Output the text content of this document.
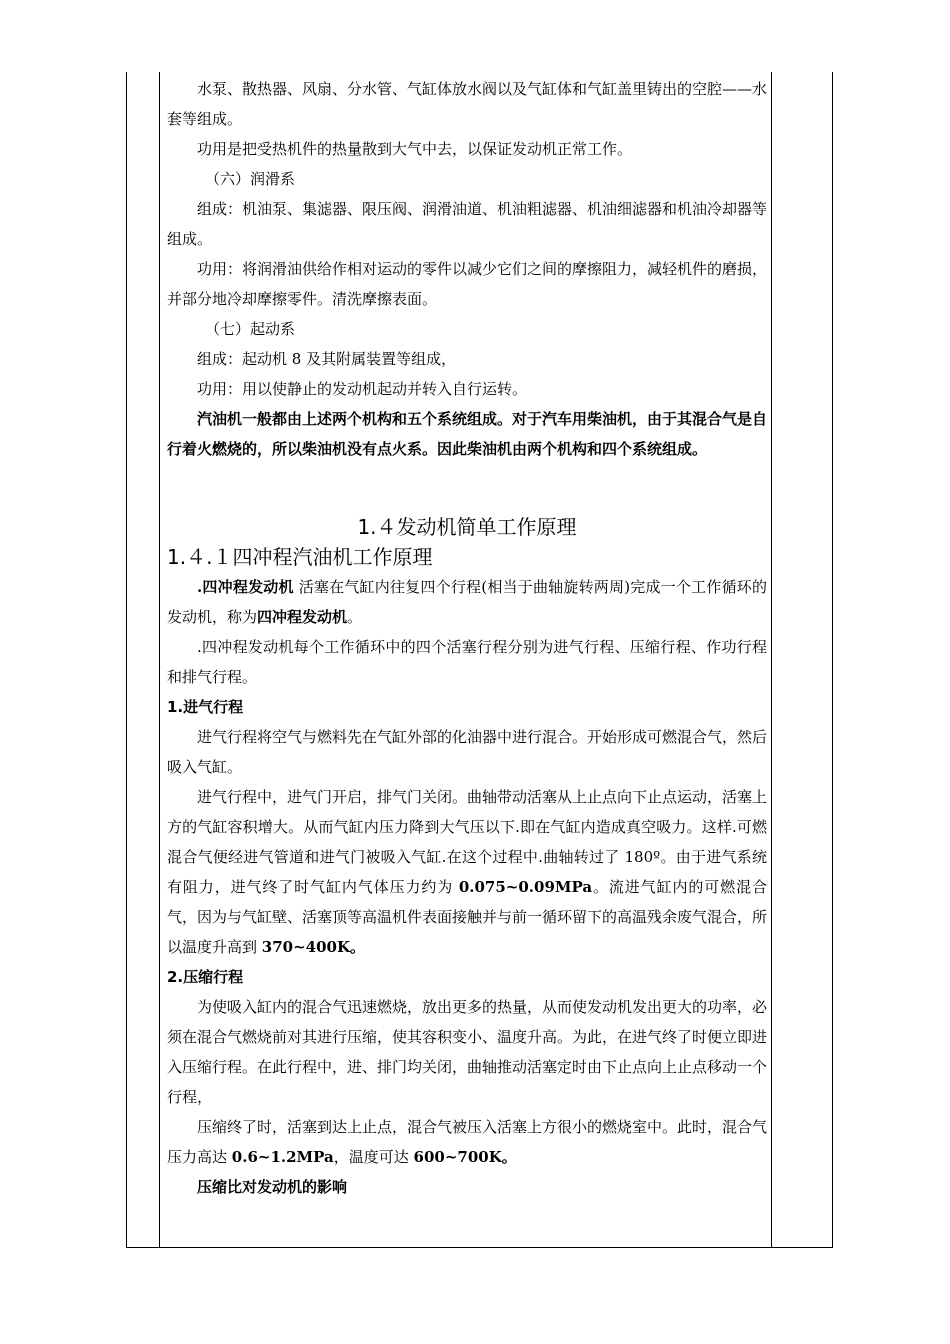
水泵、散热器、风扇、分水管、气缸体放水阀以及气缸体和气缸盖里铸出的空腔——水套等组成。

功用是把受热机件的热量散到大气中去，以保证发动机正常工作。

（六）润滑系

组成：机油泵、集滤器、限压阀、润滑油道、机油粗滤器、机油细滤器和机油冷却器等组成。

功用：将润滑油供给作相对运动的零件以减少它们之间的摩擦阻力，减轻机件的磨损，并部分地冷却摩擦零件。清洗摩擦表面。

（七）起动系

组成：起动机 8 及其附属装置等组成，

功用：用以使静止的发动机起动并转入自行运转。

汽油机一般都由上述两个机构和五个系统组成。对于汽车用柴油机，由于其混合气是自行着火燃烧的，所以柴油机没有点火系。因此柴油机由两个机构和四个系统组成。

1.４发动机简单工作原理

1.４.１四冲程汽油机工作原理

.四冲程发动机 活塞在气缸内往复四个行程(相当于曲轴旋转两周)完成一个工作循环的发动机，称为四冲程发动机。

.四冲程发动机每个工作循环中的四个活塞行程分别为进气行程、压缩行程、作功行程和排气行程。

1.进气行程

进气行程将空气与燃料先在气缸外部的化油器中进行混合。开始形成可燃混合气，然后吸入气缸。

进气行程中，进气门开启，排气门关闭。曲轴带动活塞从上止点向下止点运动，活塞上方的气缸容积增大。从而气缸内压力降到大气压以下.即在气缸内造成真空吸力。这样.可燃混合气便经进气管道和进气门被吸入气缸.在这个过程中.曲轴转过了 180º。由于进气系统有阻力，进气终了时气缸内气体压力约为 0.075~0.09MPa。流进气缸内的可燃混合气，因为与气缸壁、活塞顶等高温机件表面接触并与前一循环留下的高温残余废气混合，所以温度升高到 370~400K。

2.压缩行程

为使吸入缸内的混合气迅速燃烧，放出更多的热量，从而使发动机发出更大的功率，必须在混合气燃烧前对其进行压缩，使其容积变小、温度升高。为此，在进气终了时便立即进入压缩行程。在此行程中，进、排门均关闭，曲轴推动活塞定时由下止点向上止点移动一个行程，

压缩终了时，活塞到达上止点，混合气被压入活塞上方很小的燃烧室中。此时，混合气压力高达 0.6~1.2MPa，温度可达 600~700K。

压缩比对发动机的影响
